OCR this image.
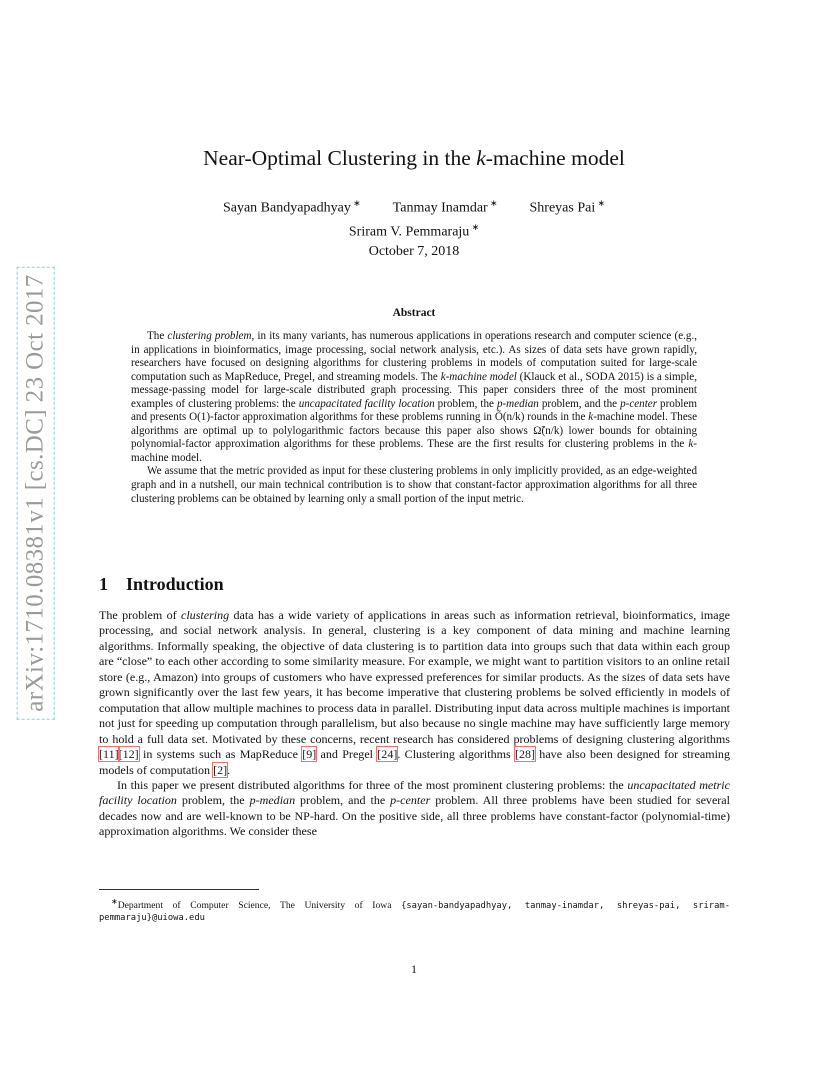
arXiv:1710.08381v1 [cs.DC] 23 Oct 2017
Near-Optimal Clustering in the k-machine model
Sayan Bandyapadhyay ∗ Tanmay Inamdar ∗ Shreyas Pai ∗
Sriram V. Pemmaraju ∗
October 7, 2018
Abstract

The clustering problem, in its many variants, has numerous applications in operations research and computer science (e.g., in applications in bioinformatics, image processing, social network analysis, etc.). As sizes of data sets have grown rapidly, researchers have focused on designing algorithms for clustering problems in models of computation suited for large-scale computation such as MapReduce, Pregel, and streaming models. The k-machine model (Klauck et al., SODA 2015) is a simple, message-passing model for large-scale distributed graph processing. This paper considers three of the most prominent examples of clustering problems: the uncapacitated facility location problem, the p-median problem, and the p-center problem and presents O(1)-factor approximation algorithms for these problems running in Õ(n/k) rounds in the k-machine model. These algorithms are optimal up to polylogarithmic factors because this paper also shows Ω̃(n/k) lower bounds for obtaining polynomial-factor approximation algorithms for these problems. These are the first results for clustering problems in the k-machine model.

We assume that the metric provided as input for these clustering problems in only implicitly provided, as an edge-weighted graph and in a nutshell, our main technical contribution is to show that constant-factor approximation algorithms for all three clustering problems can be obtained by learning only a small portion of the input metric.

1 Introduction

The problem of clustering data has a wide variety of applications in areas such as information retrieval, bioinformatics, image processing, and social network analysis. In general, clustering is a key component of data mining and machine learning algorithms. Informally speaking, the objective of data clustering is to partition data into groups such that data within each group are “close” to each other according to some similarity measure. For example, we might want to partition visitors to an online retail store (e.g., Amazon) into groups of customers who have expressed preferences for similar products. As the sizes of data sets have grown significantly over the last few years, it has become imperative that clustering problems be solved efficiently in models of computation that allow multiple machines to process data in parallel. Distributing input data across multiple machines is important not just for speeding up computation through parallelism, but also because no single machine may have sufficiently large memory to hold a full data set. Motivated by these concerns, recent research has considered problems of designing clustering algorithms [11][12] in systems such as MapReduce [9] and Pregel [24]. Clustering algorithms [28] have also been designed for streaming models of computation [2].

In this paper we present distributed algorithms for three of the most prominent clustering problems: the uncapacitated metric facility location problem, the p-median problem, and the p-center problem. All three problems have been studied for several decades now and are well-known to be NP-hard. On the positive side, all three problems have constant-factor (polynomial-time) approximation algorithms. We consider these

∗Department of Computer Science, The University of Iowa {sayan-bandyapadhyay, tanmay-inamdar, shreyas-pai, sriram-pemmaraju}@uiowa.edu

1
